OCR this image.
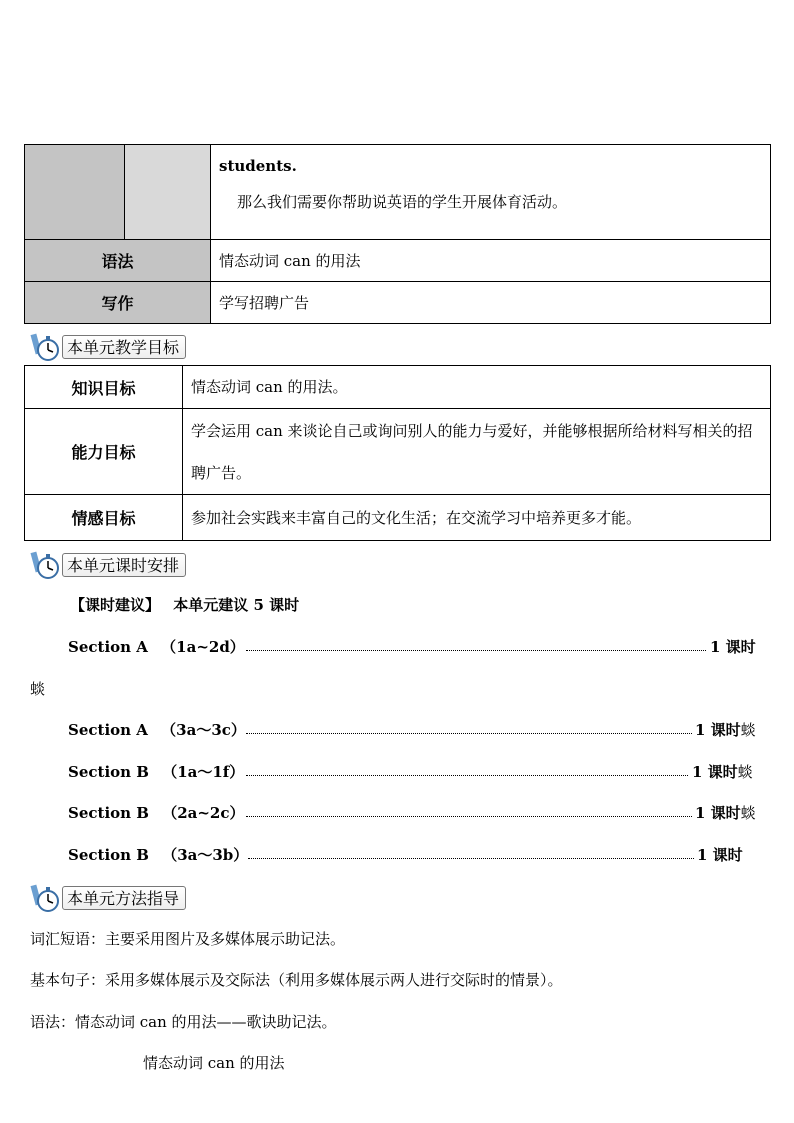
		students.
那么我们需要你帮助说英语的学生开展体育活动。

语法		情态动词 can 的用法
写作		学写招聘广告
本单元教学目标
知识目标	情态动词 can 的用法。
能力目标	学会运用 can 来谈论自己或询问别人的能力与爱好，并能够根据所给材料写相关的招聘广告。
情感目标	参加社会实践来丰富自己的文化生活；在交流学习中培养更多才能。
本单元课时安排
【课时建议】 本单元建议 5 课时
Section A （1a~2d）	1 课时
䗊
Section A （3a～3c）	1 课时䗊
Section B （1a～1f）	1 课时䗊
Section B （2a~2c）	1 课时䗊
Section B （3a～3b）	1 课时
本单元方法指导
词汇短语：主要采用图片及多媒体展示助记法。
基本句子：采用多媒体展示及交际法（利用多媒体展示两人进行交际时的情景）。
语法：情态动词 can 的用法——歌诀助记法。
情态动词 can 的用法
